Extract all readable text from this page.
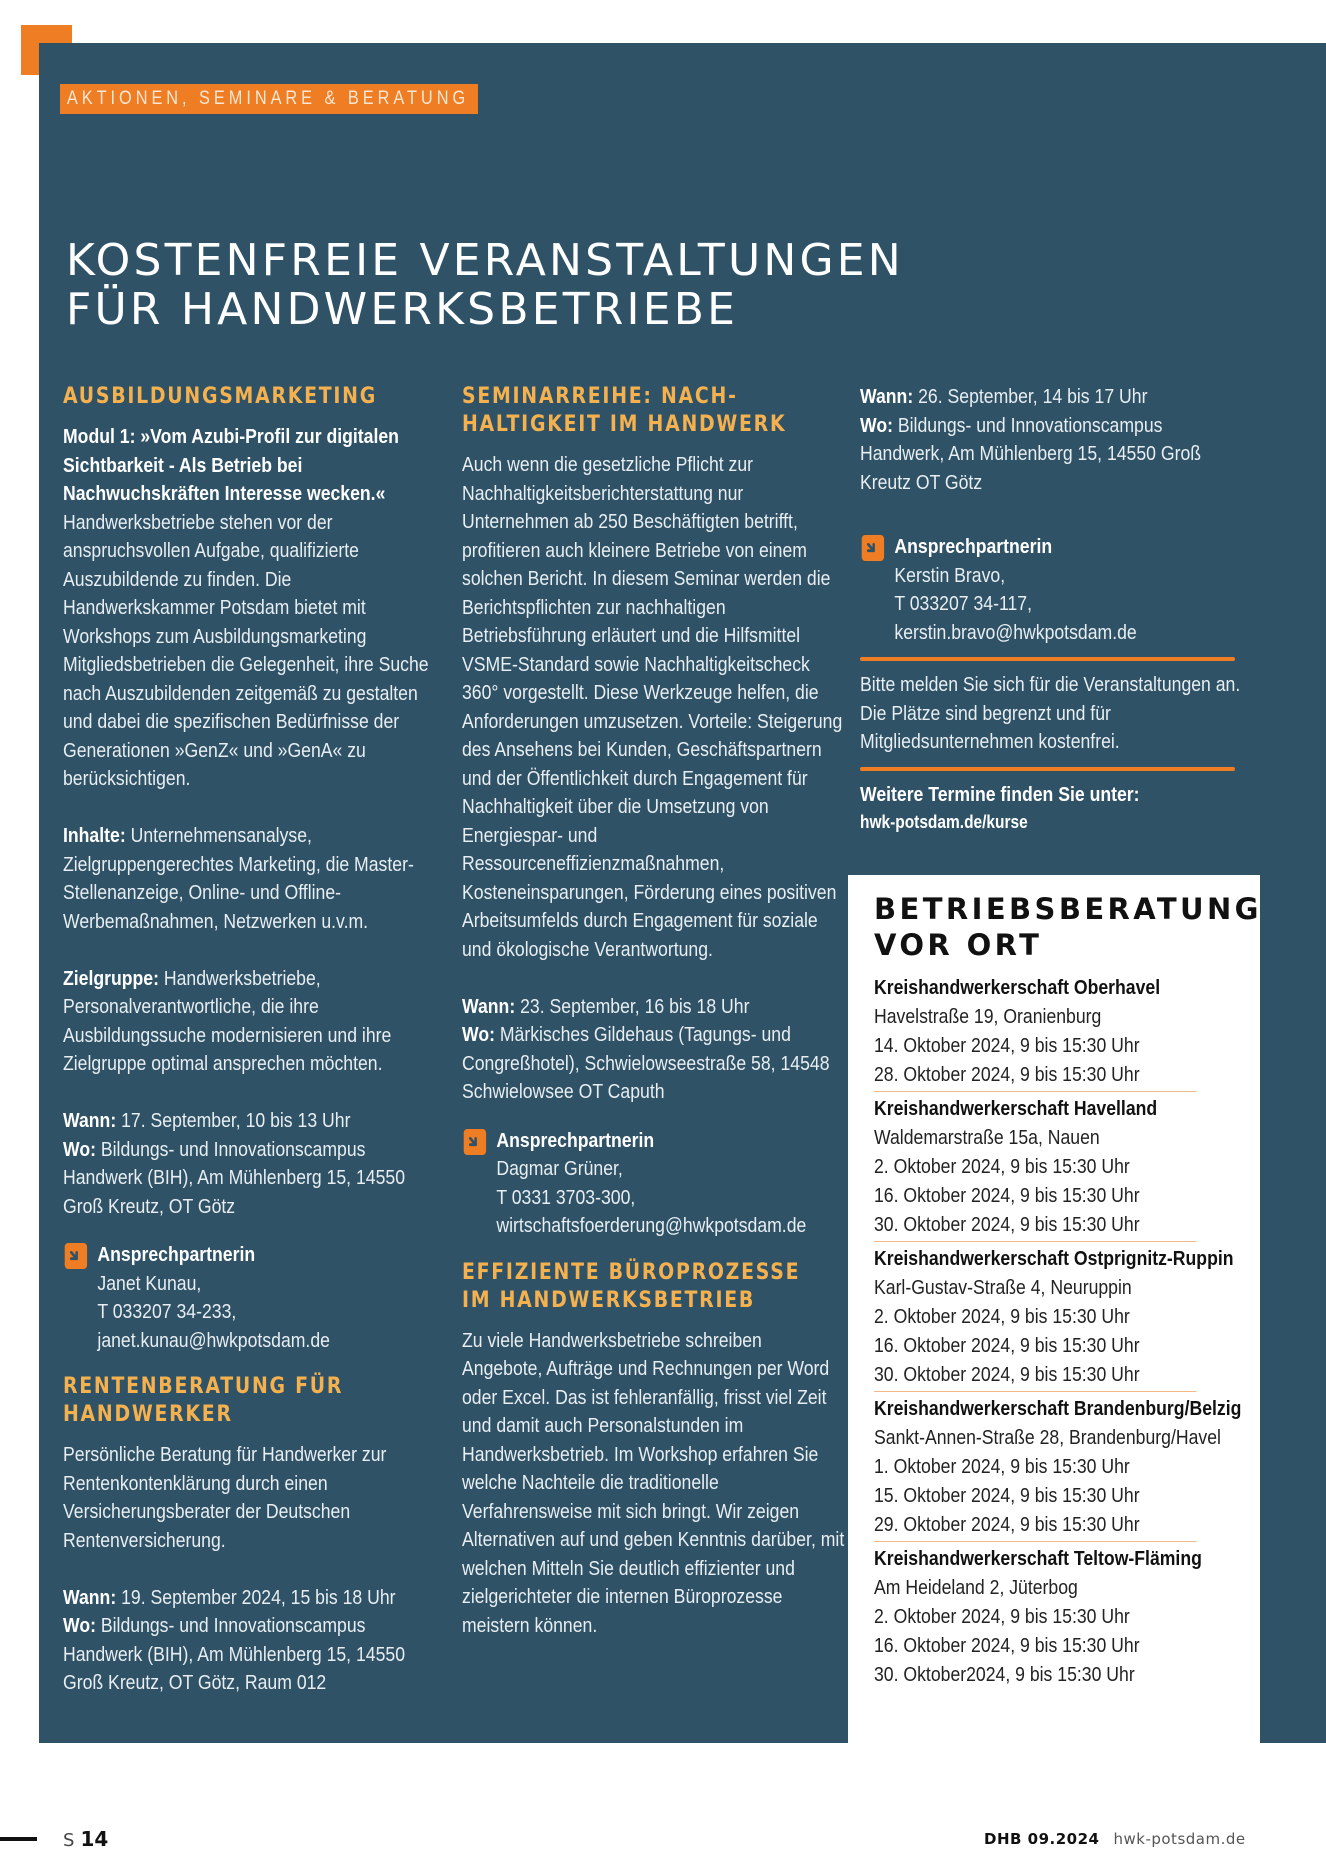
AKTIONEN, SEMINARE & BERATUNG
KOSTENFREIE VERANSTALTUNGEN
FÜR HANDWERKSBETRIEBE
AUSBILDUNGSMARKETING

Modul 1: »Vom Azubi-Profil zur digitalen Sichtbarkeit - Als Betrieb bei Nachwuchskräften Interesse wecken.«

Handwerksbetriebe stehen vor der anspruchsvollen Aufgabe, qualifizierte Auszubildende zu finden. Die Handwerkskammer Potsdam bietet mit Workshops zum Ausbildungsmarketing Mitgliedsbetrieben die Gelegenheit, ihre Suche nach Auszubildenden zeitgemäß zu gestalten und dabei die spezifischen Bedürfnisse der Generationen »GenZ« und »GenA« zu berücksichtigen.

Inhalte: Unternehmensanalyse, Zielgruppengerechtes Marketing, die Master-Stellenanzeige, Online- und Offline-Werbemaßnahmen, Netzwerken u.v.m.

Zielgruppe: Handwerksbetriebe, Personalverantwortliche, die ihre Ausbildungssuche modernisieren und ihre Zielgruppe optimal ansprechen möchten.

Wann: 17. September, 10 bis 13 Uhr

Wo: Bildungs- und Innovationscampus Handwerk (BIH), Am Mühlenberg 15, 14550 Groß Kreutz, OT Götz

Ansprechpartnerin
Janet Kunau,
T 033207 34-233,
janet.kunau@hwkpotsdam.de
RENTENBERATUNG FÜR
HANDWERKER

Persönliche Beratung für Handwerker zur Rentenkontenklärung durch einen Versicherungsberater der Deutschen Rentenversicherung.

Wann: 19. September 2024, 15 bis 18 Uhr

Wo: Bildungs- und Innovationscampus Handwerk (BIH), Am Mühlenberg 15, 14550 Groß Kreutz, OT Götz, Raum 012

SEMINARREIHE: NACH-
HALTIGKEIT IM HANDWERK

Auch wenn die gesetzliche Pflicht zur Nachhaltigkeitsberichterstattung nur Unternehmen ab 250 Beschäftigten betrifft, profitieren auch kleinere Betriebe von einem solchen Bericht. In diesem Seminar werden die Berichtspflichten zur nachhaltigen Betriebsführung erläutert und die Hilfsmittel VSME-Standard sowie Nachhaltigkeitscheck 360° vorgestellt. Diese Werkzeuge helfen, die Anforderungen umzusetzen. Vorteile: Steigerung des Ansehens bei Kunden, Geschäftspartnern und der Öffentlichkeit durch Engagement für Nachhaltigkeit über die Umsetzung von Energiespar- und Ressourceneffizienzmaßnahmen, Kosteneinsparungen, Förderung eines positiven Arbeitsumfelds durch Engagement für soziale und ökologische Verantwortung.

Wann: 23. September, 16 bis 18 Uhr

Wo: Märkisches Gildehaus (Tagungs- und Congreßhotel), Schwielowseestraße 58, 14548 Schwielowsee OT Caputh

Ansprechpartnerin
Dagmar Grüner,
T 0331 3703-300,
wirtschaftsfoerderung@hwkpotsdam.de
EFFIZIENTE BÜROPROZESSE
IM HANDWERKSBETRIEB

Zu viele Handwerksbetriebe schreiben Angebote, Aufträge und Rechnungen per Word oder Excel. Das ist fehleranfällig, frisst viel Zeit und damit auch Personalstunden im Handwerksbetrieb. Im Workshop erfahren Sie welche Nachteile die traditionelle Verfahrensweise mit sich bringt. Wir zeigen Alternativen auf und geben Kenntnis darüber, mit welchen Mitteln Sie deutlich effizienter und zielgerichteter die internen Büroprozesse meistern können.

Wann: 26. September, 14 bis 17 Uhr

Wo: Bildungs- und Innovationscampus Handwerk, Am Mühlenberg 15, 14550 Groß Kreutz OT Götz

Ansprechpartnerin
Kerstin Bravo,
T 033207 34-117,
kerstin.bravo@hwkpotsdam.de

Bitte melden Sie sich für die Veranstaltungen an. Die Plätze sind begrenzt und für Mitgliedsunternehmen kostenfrei.

Weitere Termine finden Sie unter:

hwk-potsdam.de/kurse

BETRIEBSBERATUNG
VOR ORT
Kreishandwerkerschaft Oberhavel
Havelstraße 19, Oranienburg
14. Oktober 2024, 9 bis 15:30 Uhr
28. Oktober 2024, 9 bis 15:30 Uhr
Kreishandwerkerschaft Havelland
Waldemarstraße 15a, Nauen
2. Oktober 2024, 9 bis 15:30 Uhr
16. Oktober 2024, 9 bis 15:30 Uhr
30. Oktober 2024, 9 bis 15:30 Uhr
Kreishandwerkerschaft Ostprignitz-Ruppin
Karl-Gustav-Straße 4, Neuruppin
2. Oktober 2024, 9 bis 15:30 Uhr
16. Oktober 2024, 9 bis 15:30 Uhr
30. Oktober 2024, 9 bis 15:30 Uhr
Kreishandwerkerschaft Brandenburg/Belzig
Sankt-Annen-Straße 28, Brandenburg/Havel
1. Oktober 2024, 9 bis 15:30 Uhr
15. Oktober 2024, 9 bis 15:30 Uhr
29. Oktober 2024, 9 bis 15:30 Uhr
Kreishandwerkerschaft Teltow-Fläming
Am Heideland 2, Jüterbog
2. Oktober 2024, 9 bis 15:30 Uhr
16. Oktober 2024, 9 bis 15:30 Uhr
30. Oktober2024, 9 bis 15:30 Uhr
S 14	DHB 09.2024 hwk-potsdam.de
